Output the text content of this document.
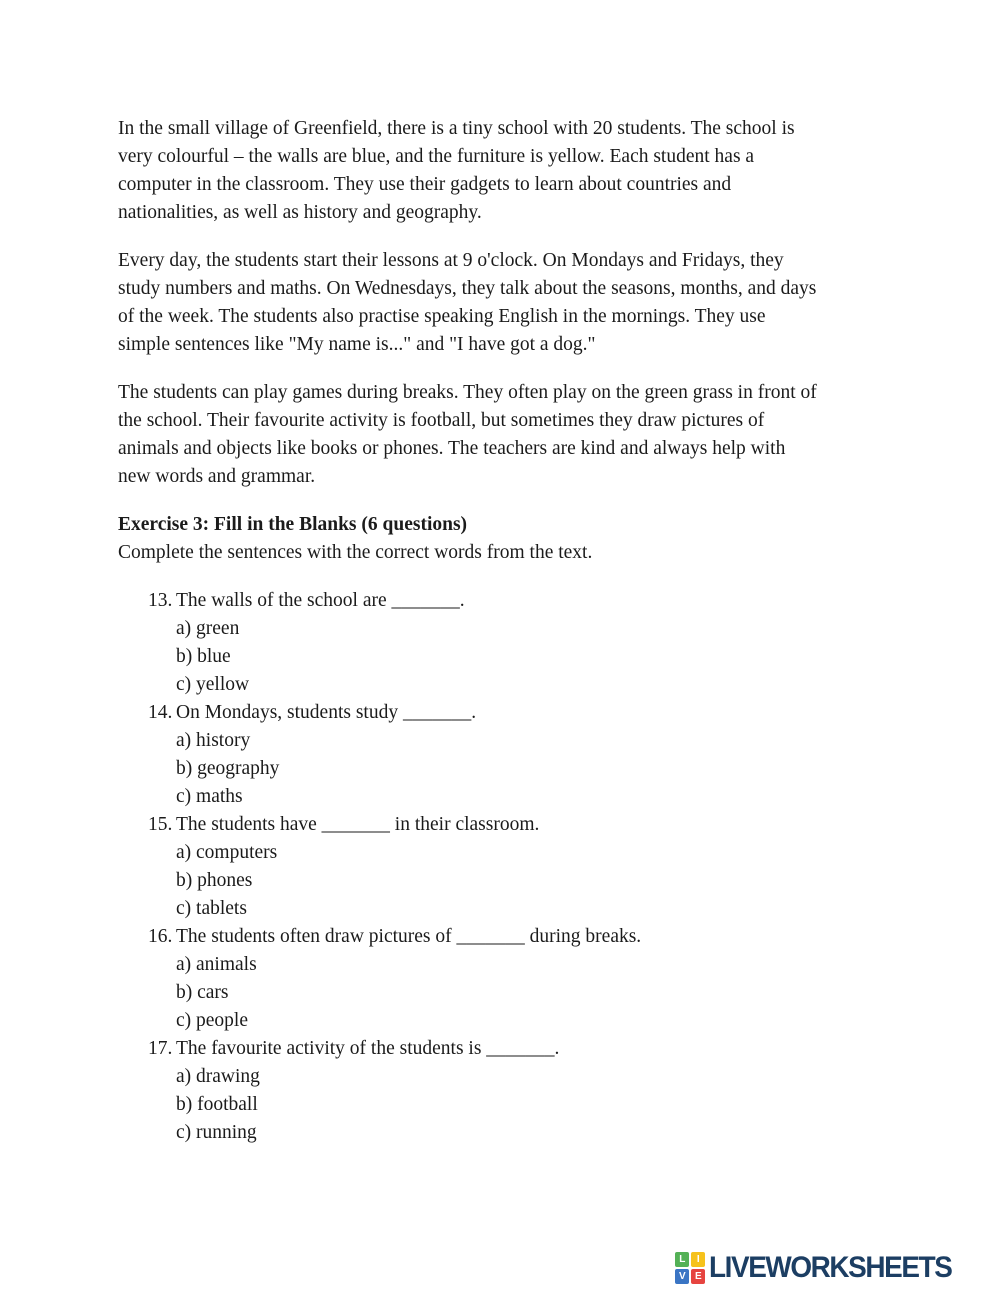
In the small village of Greenfield, there is a tiny school with 20 students. The school is
very colourful – the walls are blue, and the furniture is yellow. Each student has a
computer in the classroom. They use their gadgets to learn about countries and
nationalities, as well as history and geography.
Every day, the students start their lessons at 9 o'clock. On Mondays and Fridays, they
study numbers and maths. On Wednesdays, they talk about the seasons, months, and days
of the week. The students also practise speaking English in the mornings. They use
simple sentences like "My name is..." and "I have got a dog."
The students can play games during breaks. They often play on the green grass in front of
the school. Their favourite activity is football, but sometimes they draw pictures of
animals and objects like books or phones. The teachers are kind and always help with
new words and grammar.
Exercise 3: Fill in the Blanks (6 questions)
Complete the sentences with the correct words from the text.
13. The walls of the school are _______.
a) green
b) blue
c) yellow
14. On Mondays, students study _______.
a) history
b) geography
c) maths
15. The students have _______ in their classroom.
a) computers
b) phones
c) tablets
16. The students often draw pictures of _______ during breaks.
a) animals
b) cars
c) people
17. The favourite activity of the students is _______.
a) drawing
b) football
c) running
L	I
V E LIVEWORKSHEETS
